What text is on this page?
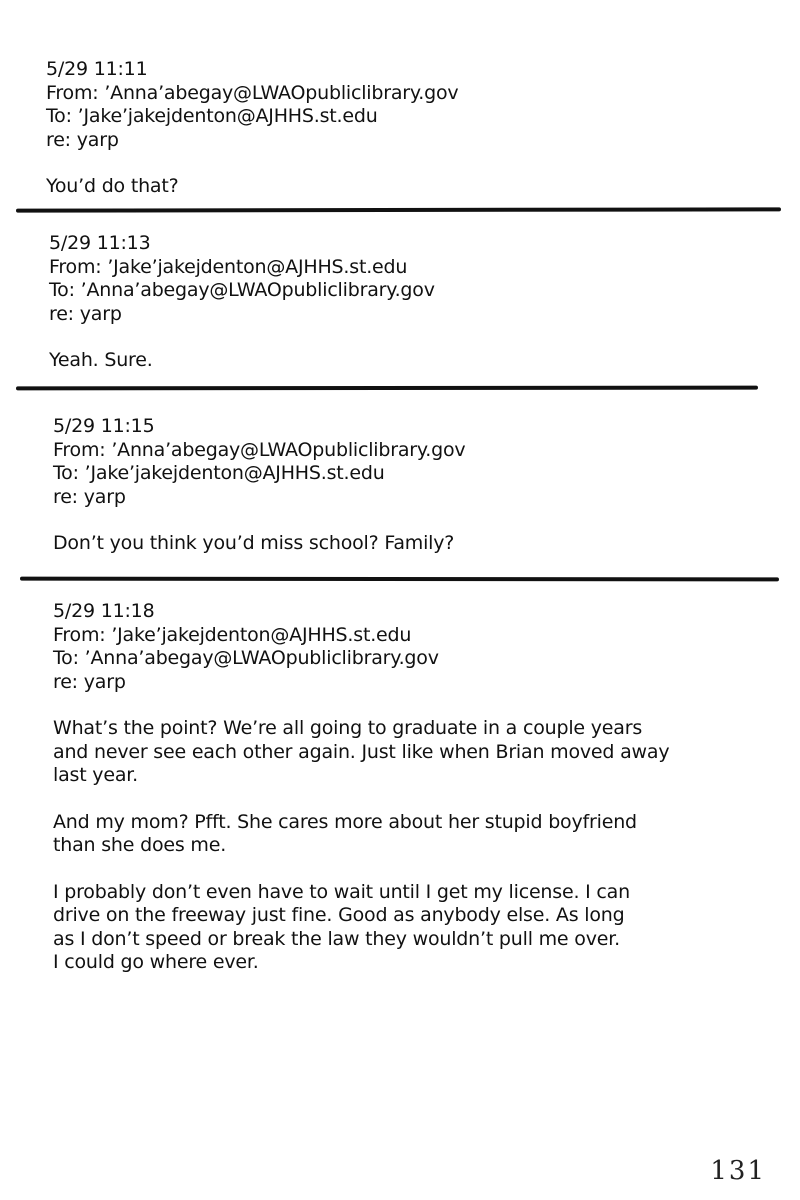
5/29 11:11
From: ’Anna’abegay@LWAOpubliclibrary.gov
To: ’Jake’jakejdenton@AJHHS.st.edu
re: yarp
You’d do that?
5/29 11:13
From: ’Jake’jakejdenton@AJHHS.st.edu
To: ’Anna’abegay@LWAOpubliclibrary.gov
re: yarp
Yeah. Sure.
5/29 11:15
From: ’Anna’abegay@LWAOpubliclibrary.gov
To: ’Jake’jakejdenton@AJHHS.st.edu
re: yarp
Don’t you think you’d miss school? Family?
5/29 11:18
From: ’Jake’jakejdenton@AJHHS.st.edu
To: ’Anna’abegay@LWAOpubliclibrary.gov
re: yarp
What’s the point? We’re all going to graduate in a couple years
and never see each other again. Just like when Brian moved away
last year.
And my mom? Pfft. She cares more about her stupid boyfriend
than she does me.
I probably don’t even have to wait until I get my license. I can
drive on the freeway just fine. Good as anybody else. As long
as I don’t speed or break the law they wouldn’t pull me over.
I could go where ever.
131
